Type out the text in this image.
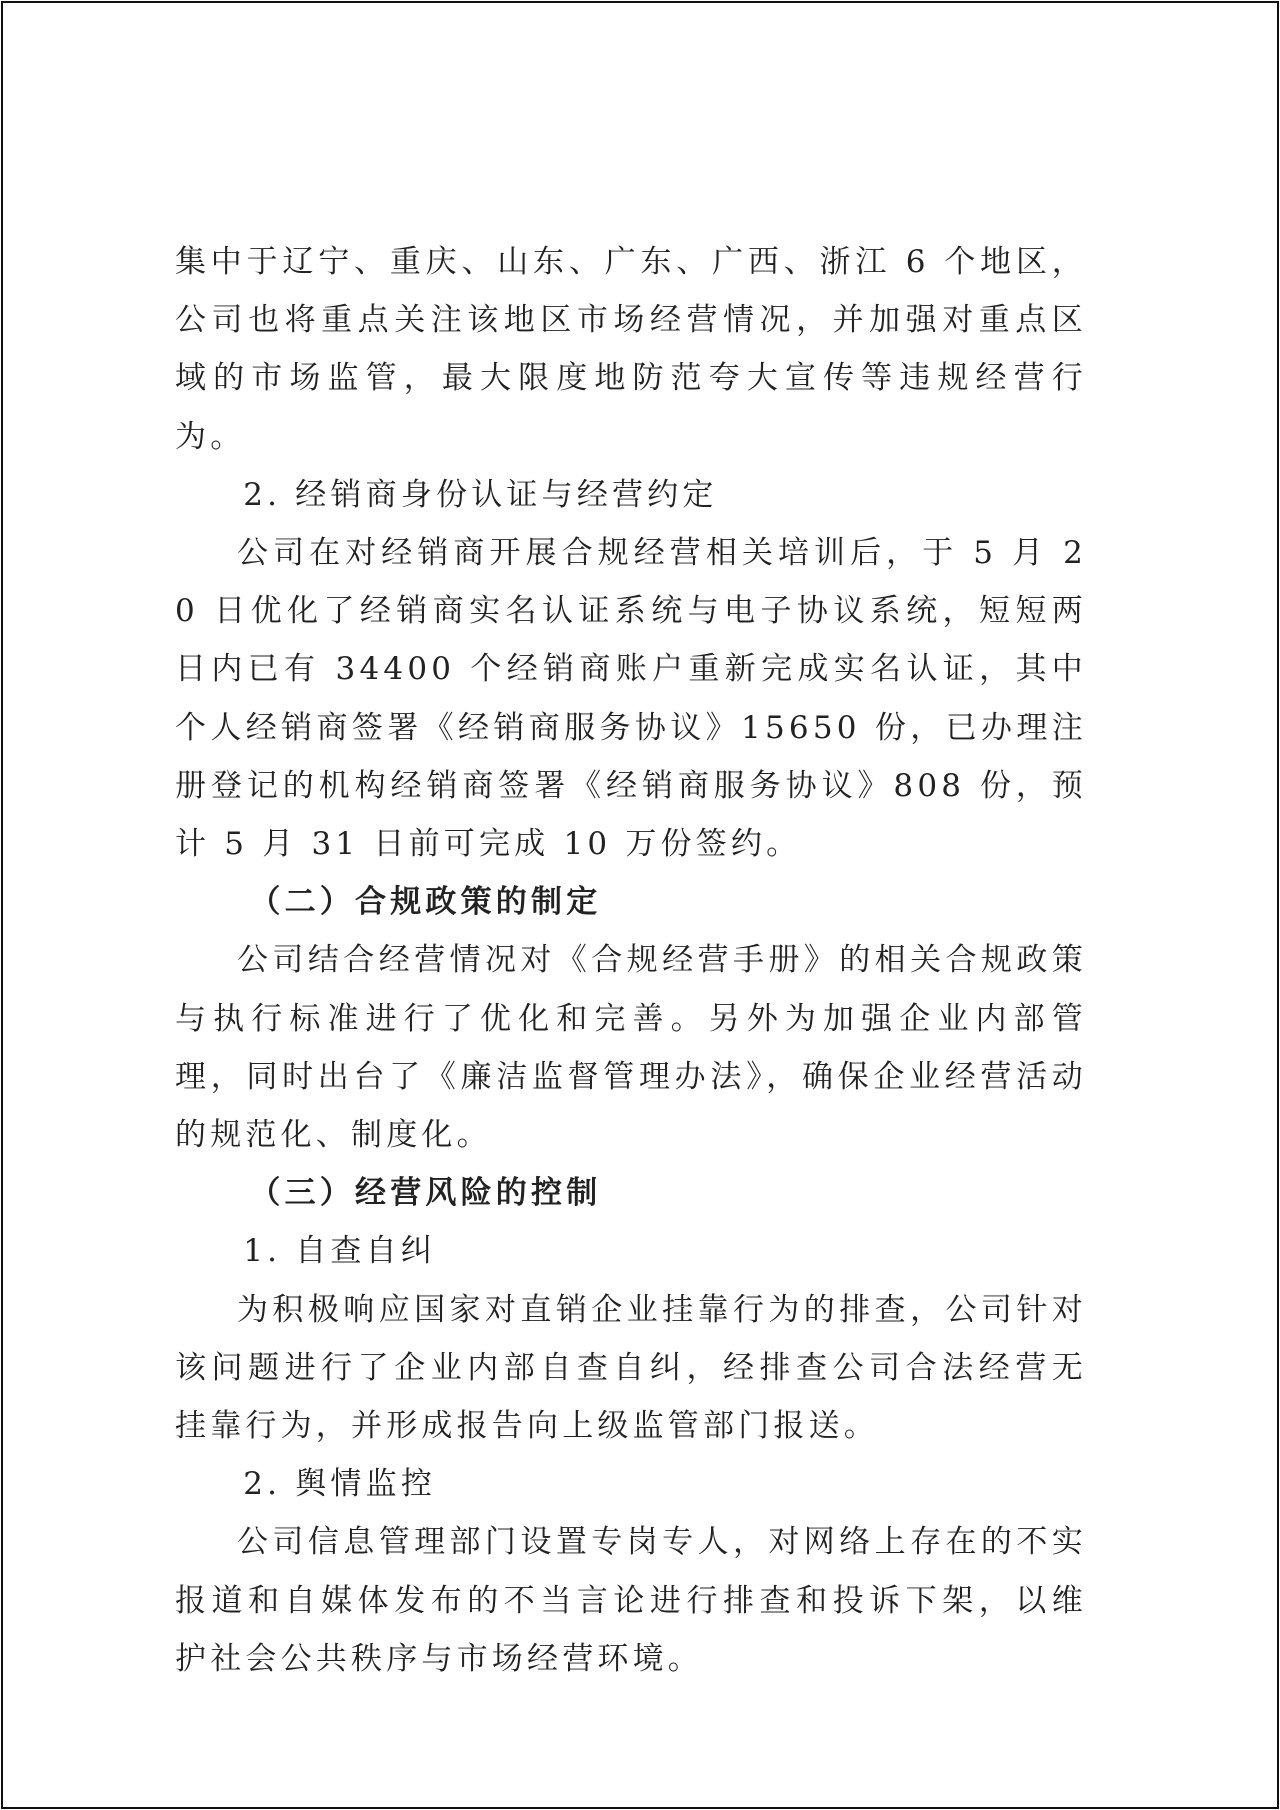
集中于辽宁、重庆、山东、广东、广西、浙江 6 个地区，公司也将重点关注该地区市场经营情况，并加强对重点区域的市场监管，最大限度地防范夸大宣传等违规经营行为。

2. 经销商身份认证与经营约定

公司在对经销商开展合规经营相关培训后，于 5 月 20 日优化了经销商实名认证系统与电子协议系统，短短两日内已有 34400 个经销商账户重新完成实名认证，其中个人经销商签署《经销商服务协议》15650 份，已办理注册登记的机构经销商签署《经销商服务协议》808 份，预计 5 月 31 日前可完成 10 万份签约。

（二）合规政策的制定

公司结合经营情况对《合规经营手册》的相关合规政策与执行标准进行了优化和完善。另外为加强企业内部管理，同时出台了《廉洁监督管理办法》，确保企业经营活动的规范化、制度化。

（三）经营风险的控制

1. 自查自纠

为积极响应国家对直销企业挂靠行为的排查，公司针对该问题进行了企业内部自查自纠，经排查公司合法经营无挂靠行为，并形成报告向上级监管部门报送。

2. 舆情监控

公司信息管理部门设置专岗专人，对网络上存在的不实报道和自媒体发布的不当言论进行排查和投诉下架，以维护社会公共秩序与市场经营环境。
